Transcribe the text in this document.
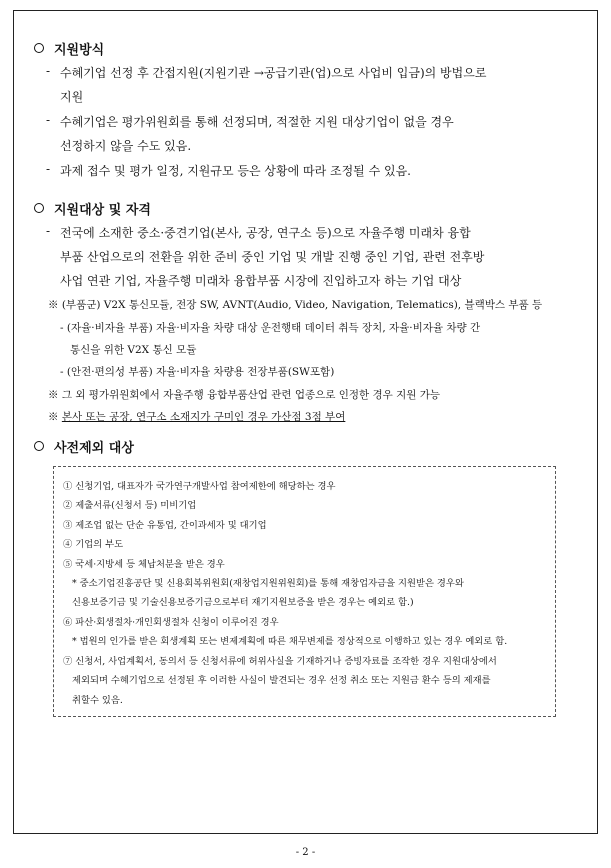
지원방식
- 수혜기업 선정 후 간접지원(지원기관 →공급기관(업)으로 사업비 입금)의 방법으로
지원
- 수혜기업은 평가위원회를 통해 선정되며, 적절한 지원 대상기업이 없을 경우
선정하지 않을 수도 있음.
- 과제 접수 및 평가 일정, 지원규모 등은 상황에 따라 조정될 수 있음.
지원대상 및 자격
- 전국에 소재한 중소·중견기업(본사, 공장, 연구소 등)으로 자율주행 미래차 융합
부품 산업으로의 전환을 위한 준비 중인 기업 및 개발 진행 중인 기업, 관련 전후방
사업 연관 기업, 자율주행 미래차 융합부품 시장에 진입하고자 하는 기업 대상
※ (부품군) V2X 통신모듈, 전장 SW, AVNT(Audio, Video, Navigation, Telematics), 블랙박스 부품 등
- (자율·비자율 부품) 자율·비자율 차량 대상 운전행태 데이터 취득 장치, 자율·비자율 차량 간
통신을 위한 V2X 통신 모듈
- (안전·편의성 부품) 자율·비자율 차량용 전장부품(SW포함)
※ 그 외 평가위원회에서 자율주행 융합부품산업 관련 업종으로 인정한 경우 지원 가능
※ 본사 또는 공장, 연구소 소재지가 구미인 경우 가산점 3점 부여
사전제외 대상
① 신청기업, 대표자가 국가연구개발사업 참여제한에 해당하는 경우
② 제출서류(신청서 등) 미비기업
③ 제조업 없는 단순 유통업, 간이과세자 및 대기업
④ 기업의 부도
⑤ 국세·지방세 등 체납처분을 받은 경우
* 중소기업진흥공단 및 신용회복위원회(재창업지원위원회)를 통해 재창업자금을 지원받은 경우와
신용보증기금 및 기술신용보증기금으로부터 재기지원보증을 받은 경우는 예외로 함.)
⑥ 파산·회생절차·개인회생절차 신청이 이루어진 경우
* 법원의 인가를 받은 회생계획 또는 변제계획에 따른 채무변제를 정상적으로 이행하고 있는 경우 예외로 함.
⑦ 신청서, 사업계획서, 동의서 등 신청서류에 허위사실을 기재하거나 증빙자료를 조작한 경우 지원대상에서
제외되며 수혜기업으로 선정된 후 이러한 사실이 발견되는 경우 선정 취소 또는 지원금 환수 등의 제재를
취할수 있음.
- 2 -
